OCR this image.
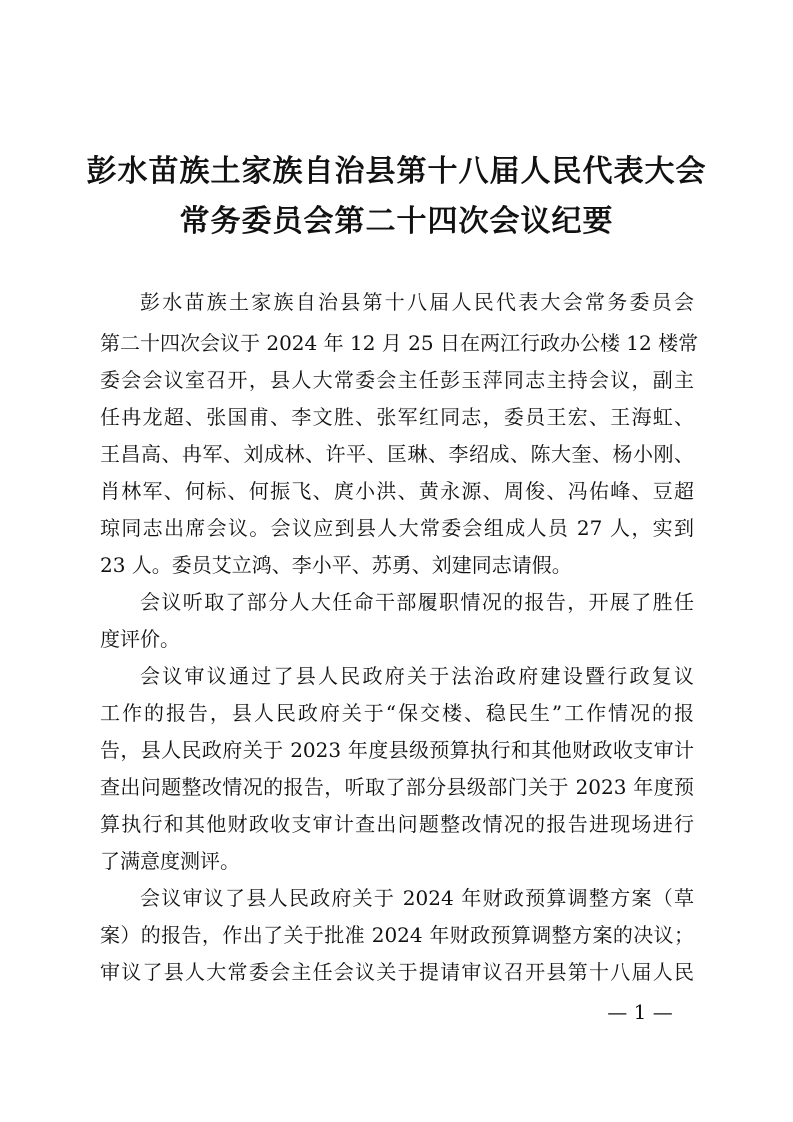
彭水苗族土家族自治县第十八届人民代表大会
常务委员会第二十四次会议纪要
彭水苗族土家族自治县第十八届人民代表大会常务委员会
第二十四次会议于 2024 年 12 月 25 日在两江行政办公楼 12 楼常
委会会议室召开，县人大常委会主任彭玉萍同志主持会议，副主
任冉龙超、张国甫、李文胜、张军红同志，委员王宏、王海虹、
王昌高、冉军、刘成林、许平、匡琳、李绍成、陈大奎、杨小刚、
肖林军、何标、何振飞、庹小洪、黄永源、周俊、冯佑峰、豆超
琼同志出席会议。会议应到县人大常委会组成人员 27 人，实到
23 人。委员艾立鸿、李小平、苏勇、刘建同志请假。
会议听取了部分人大任命干部履职情况的报告，开展了胜任
度评价。
会议审议通过了县人民政府关于法治政府建设暨行政复议
工作的报告，县人民政府关于“保交楼、稳民生”工作情况的报
告，县人民政府关于 2023 年度县级预算执行和其他财政收支审计
查出问题整改情况的报告，听取了部分县级部门关于 2023 年度预
算执行和其他财政收支审计查出问题整改情况的报告进现场进行
了满意度测评。
会议审议了县人民政府关于 2024 年财政预算调整方案（草
案）的报告，作出了关于批准 2024 年财政预算调整方案的决议；
审议了县人大常委会主任会议关于提请审议召开县第十八届人民
— 1 —
